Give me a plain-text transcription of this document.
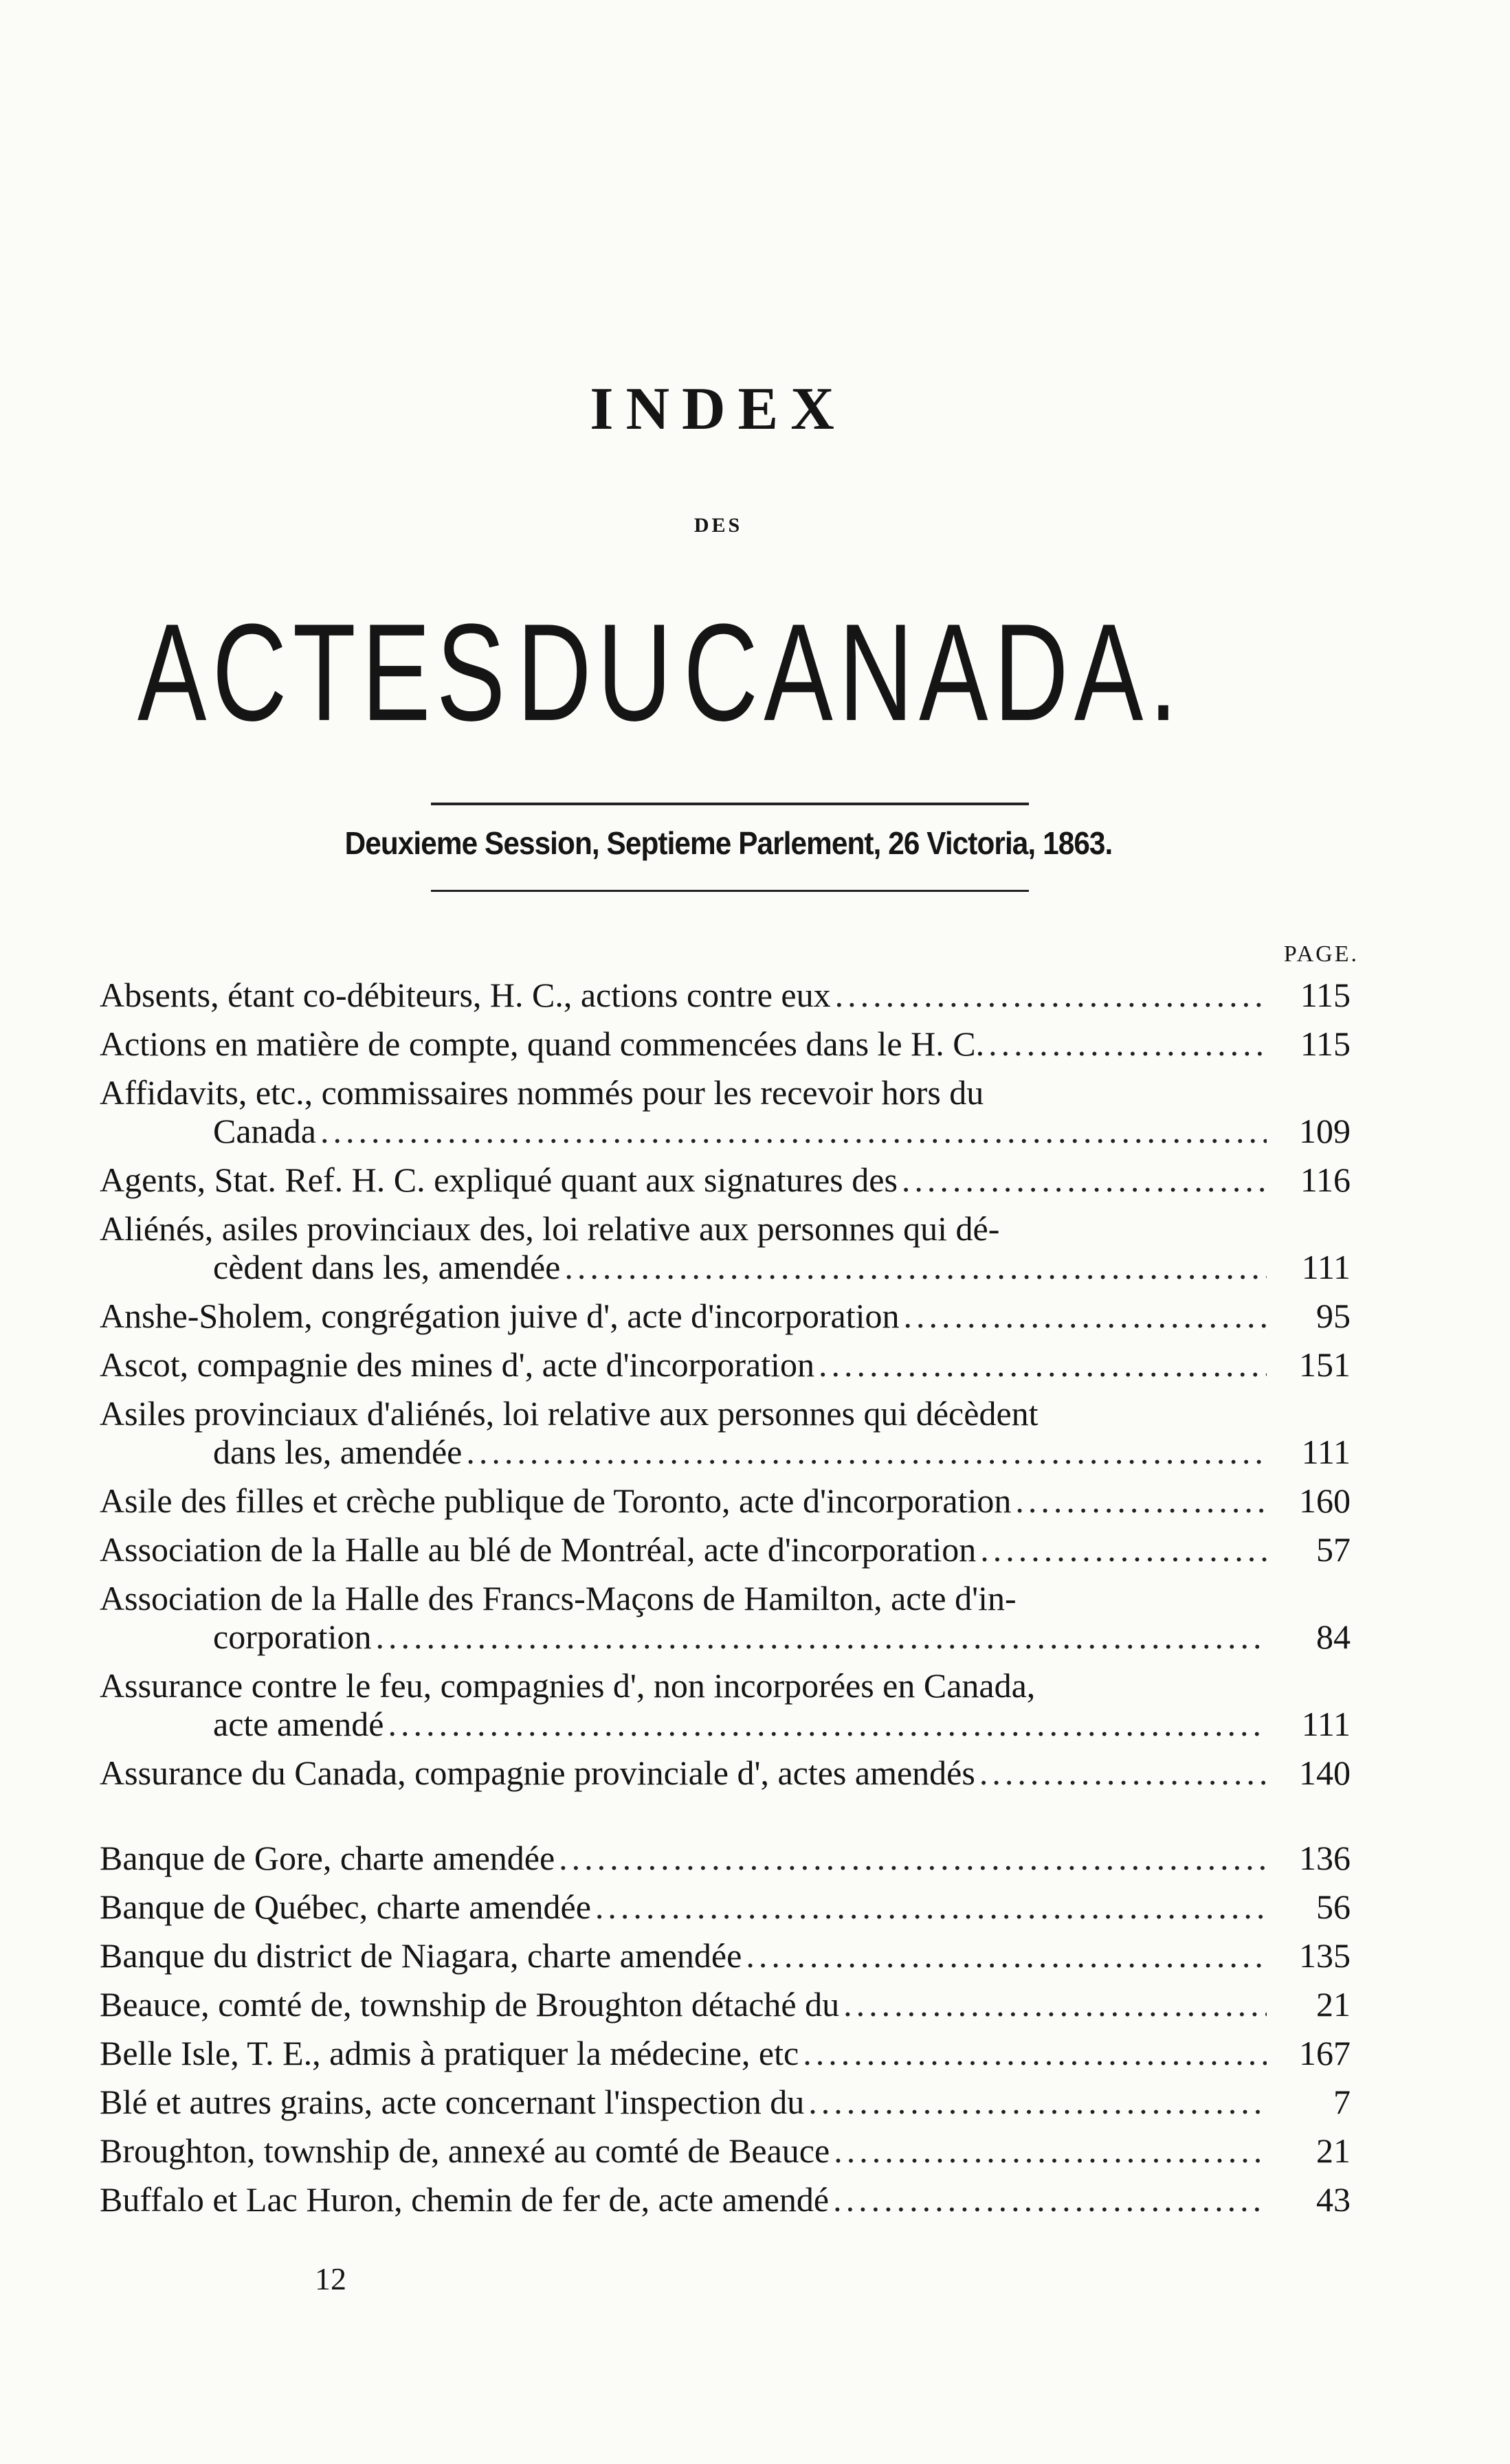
INDEX
DES
A C T E S D U C A N A D A .
Deuxieme Session, Septieme Parlement, 26 Victoria, 1863.
PAGE.
Absents, étant co-débiteurs, H. C., actions contre eux .....	115
Actions en matière de compte, quand commencées dans le H. C. .....	115
Affidavits, etc., commissaires nommés pour les recevoir hors du
Canada .....	109
Agents, Stat. Ref. H. C. expliqué quant aux signatures des .....	116
Aliénés, asiles provinciaux des, loi relative aux personnes qui dé-
cèdent dans les, amendée .....	111
Anshe-Sholem, congrégation juive d', acte d'incorporation .....	95
Ascot, compagnie des mines d', acte d'incorporation .....	151
Asiles provinciaux d'aliénés, loi relative aux personnes qui décèdent
dans les, amendée .....	111
Asile des filles et crèche publique de Toronto, acte d'incorporation .....	160
Association de la Halle au blé de Montréal, acte d'incorporation .....	57
Association de la Halle des Francs-Maçons de Hamilton, acte d'in-
corporation .....	84
Assurance contre le feu, compagnies d', non incorporées en Canada,
acte amendé .....	111
Assurance du Canada, compagnie provinciale d', actes amendés .....	140
Banque de Gore, charte amendée .....	136
Banque de Québec, charte amendée .....	56
Banque du district de Niagara, charte amendée .....	135
Beauce, comté de, township de Broughton détaché du .....	21
Belle Isle, T. E., admis à pratiquer la médecine, etc .....	167
Blé et autres grains, acte concernant l'inspection du .....	7
Broughton, township de, annexé au comté de Beauce .....	21
Buffalo et Lac Huron, chemin de fer de, acte amendé .....	43
12
